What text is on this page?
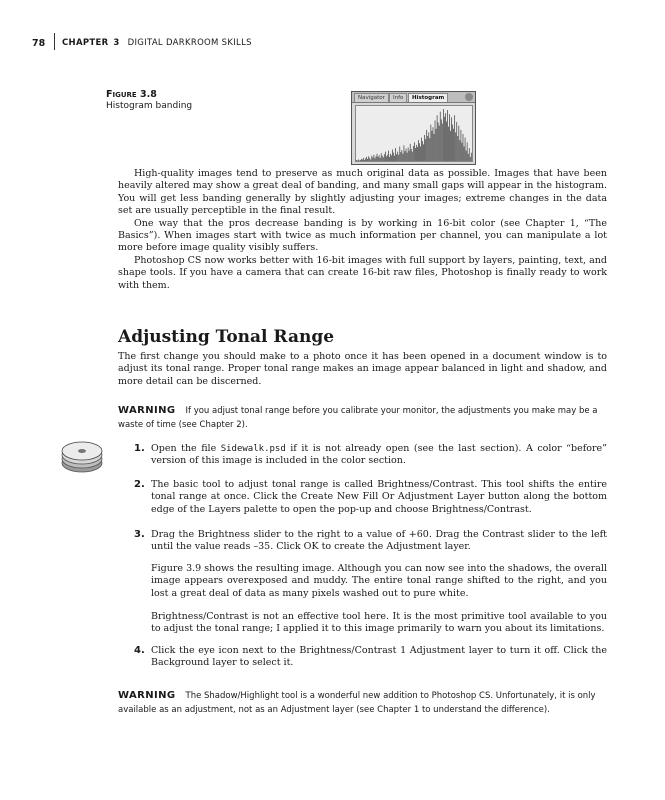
78 CHAPTER 3 DIGITAL DARKROOM SKILLS
Figure 3.8
Histogram banding
Navigator	Info	Histogram

High-quality images tend to preserve as much original data as possible. Images that have been heavily altered may show a great deal of banding, and many small gaps will appear in the histogram. You will get less banding generally by slightly adjusting your images; extreme changes in the data set are usually perceptible in the final result.

One way that the pros decrease banding is by working in 16-bit color (see Chapter 1, “The Basics”). When images start with twice as much information per channel, you can manipulate a lot more before image quality visibly suffers.

Photoshop CS now works better with 16-bit images with full support by layers, painting, text, and shape tools. If you have a camera that can create 16-bit raw files, Photoshop is finally ready to work with them.

Adjusting Tonal Range

The first change you should make to a photo once it has been opened in a document window is to adjust its tonal range. Proper tonal range makes an image appear balanced in light and shadow, and more detail can be discerned.

WARNING If you adjust tonal range before you calibrate your monitor, the adjustments you make may be a waste of time (see Chapter 2).
1. Open the file Sidewalk.psd if it is not already open (see the last section). A color “before” version of this image is included in the color section.
2. The basic tool to adjust tonal range is called Brightness/Contrast. This tool shifts the entire tonal range at once. Click the Create New Fill Or Adjustment Layer button along the bottom edge of the Layers palette to open the pop-up and choose Brightness/Contrast.
3. Drag the Brightness slider to the right to a value of +60. Drag the Contrast slider to the left until the value reads –35. Click OK to create the Adjustment layer.
Figure 3.9 shows the resulting image. Although you can now see into the shadows, the overall image appears overexposed and muddy. The entire tonal range shifted to the right, and you lost a great deal of data as many pixels washed out to pure white.
Brightness/Contrast is not an effective tool here. It is the most primitive tool available to you to adjust the tonal range; I applied it to this image primarily to warn you about its limitations.
4. Click the eye icon next to the Brightness/Contrast 1 Adjustment layer to turn it off. Click the Background layer to select it.
WARNING The Shadow/Highlight tool is a wonderful new addition to Photoshop CS. Unfortunately, it is only available as an adjustment, not as an Adjustment layer (see Chapter 1 to understand the difference).
